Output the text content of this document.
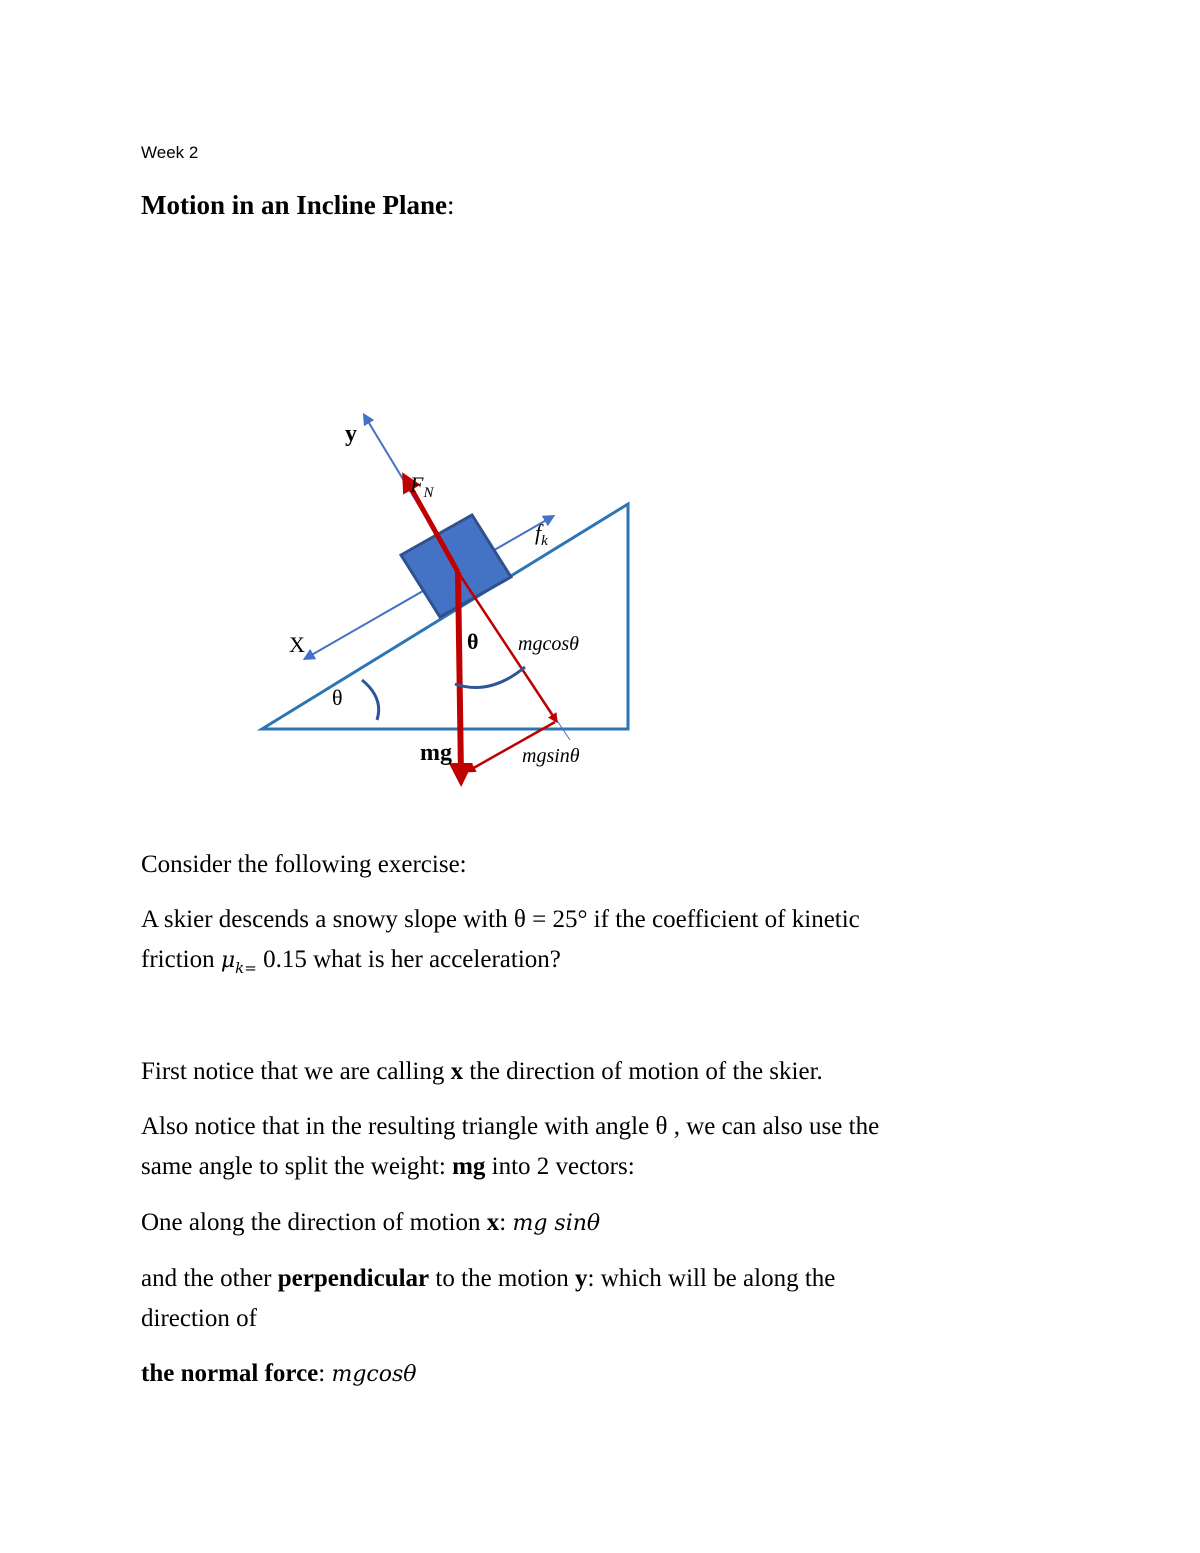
Week 2
Motion in an Incline Plane:
y
X
$F_N$
$f_k$
θ
θ
mg
mgcosθ
mgsinθ
Consider the following exercise:
A skier descends a snowy slope with θ = 25° if the coefficient of kinetic
friction $\mu_{k=}$ 0.15 what is her acceleration?
First notice that we are calling x the direction of motion of the skier.
Also notice that in the resulting triangle with angle θ , we can also use the
same angle to split the weight: mg into 2 vectors:
One along the direction of motion x: mg sinθ
and the other perpendicular to the motion y: which will be along the
direction of
the normal force: mgcosθ
